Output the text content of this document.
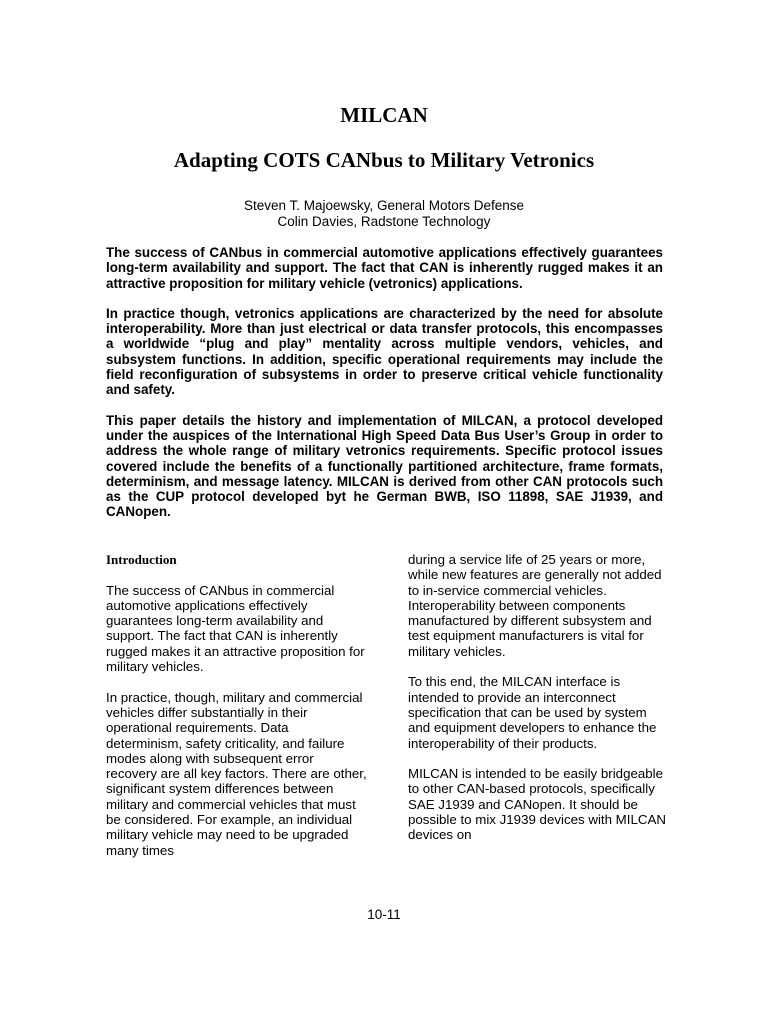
MILCAN
Adapting COTS CANbus to Military Vetronics
Steven T. Majoewsky, General Motors Defense
Colin Davies, Radstone Technology

The success of CANbus in commercial automotive applications effectively guarantees long-term availability and support. The fact that CAN is inherently rugged makes it an attractive proposition for military vehicle (vetronics) applications.

In practice though, vetronics applications are characterized by the need for absolute interoperability. More than just electrical or data transfer protocols, this encompasses a worldwide “plug and play” mentality across multiple vendors, vehicles, and subsystem functions. In addition, specific operational requirements may include the field reconfiguration of subsystems in order to preserve critical vehicle functionality and safety.

This paper details the history and implementation of MILCAN, a protocol developed under the auspices of the International High Speed Data Bus User’s Group in order to address the whole range of military vetronics requirements. Specific protocol issues covered include the benefits of a functionally partitioned architecture, frame formats, determinism, and message latency. MILCAN is derived from other CAN protocols such as the CUP protocol developed byt he German BWB, ISO 11898, SAE J1939, and CANopen.

Introduction

The success of CANbus in commercial automotive applications effectively guarantees long-term availability and support. The fact that CAN is inherently rugged makes it an attractive proposition for military vehicles.

In practice, though, military and commercial vehicles differ substantially in their operational requirements. Data determinism, safety criticality, and failure modes along with subsequent error recovery are all key factors. There are other, significant system differences between military and commercial vehicles that must be considered. For example, an individual military vehicle may need to be upgraded many times

during a service life of 25 years or more, while new features are generally not added to in-service commercial vehicles. Interoperability between components manufactured by different subsystem and test equipment manufacturers is vital for military vehicles.

To this end, the MILCAN interface is intended to provide an interconnect specification that can be used by system and equipment developers to enhance the interoperability of their products.

MILCAN is intended to be easily bridgeable to other CAN-based protocols, specifically SAE J1939 and CANopen. It should be possible to mix J1939 devices with MILCAN devices on

10-11
